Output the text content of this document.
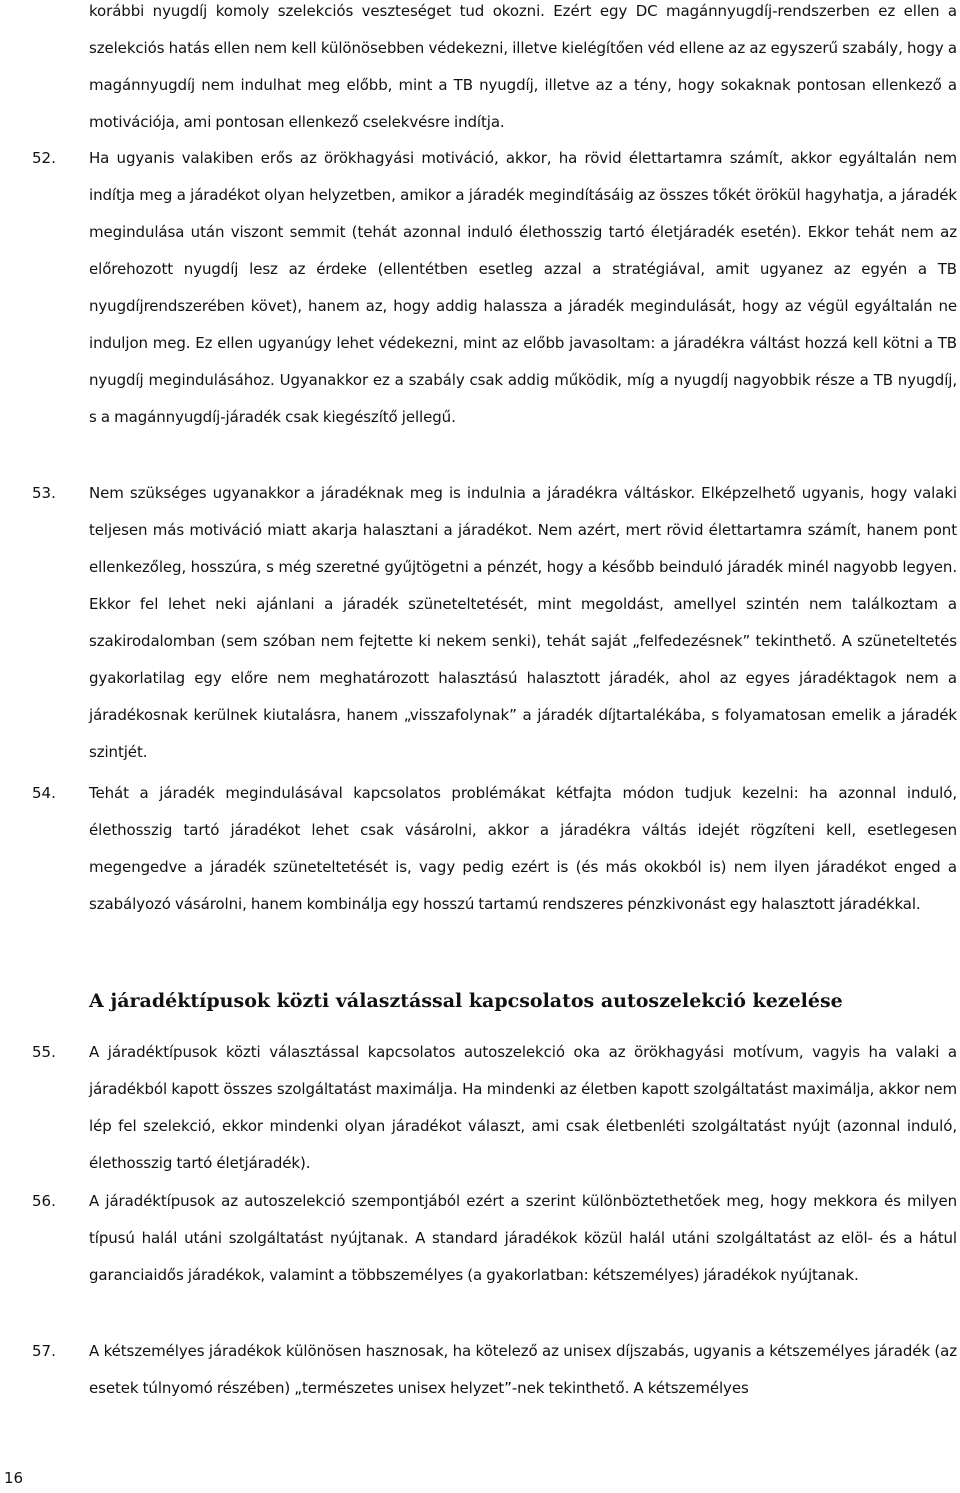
korábbi nyugdíj komoly szelekciós veszteséget tud okozni. Ezért egy DC magánnyugdíj-rendszerben ez ellen a szelekciós hatás ellen nem kell különösebben védekezni, illetve kielégítően véd ellene az az egyszerű szabály, hogy a magánnyugdíj nem indulhat meg előbb, mint a TB nyugdíj, illetve az a tény, hogy sokaknak pontosan ellenkező a motivációja, ami pontosan ellenkező cselekvésre indítja.
52. Ha ugyanis valakiben erős az örökhagyási motiváció, akkor, ha rövid élettartamra számít, akkor egyáltalán nem indítja meg a járadékot olyan helyzetben, amikor a járadék megindításáig az összes tőkét örökül hagyhatja, a járadék megindulása után viszont semmit (tehát azonnal induló élethosszig tartó életjáradék esetén). Ekkor tehát nem az előrehozott nyugdíj lesz az érdeke (ellentétben esetleg azzal a stratégiával, amit ugyanez az egyén a TB nyugdíjrendszerében követ), hanem az, hogy addig halassza a járadék megindulását, hogy az végül egyáltalán ne induljon meg. Ez ellen ugyanúgy lehet védekezni, mint az előbb javasoltam: a járadékra váltást hozzá kell kötni a TB nyugdíj megindulásához. Ugyanakkor ez a szabály csak addig működik, míg a nyugdíj nagyobbik része a TB nyugdíj, s a magánnyugdíj-járadék csak kiegészítő jellegű.
53. Nem szükséges ugyanakkor a járadéknak meg is indulnia a járadékra váltáskor. Elképzelhető ugyanis, hogy valaki teljesen más motiváció miatt akarja halasztani a járadékot. Nem azért, mert rövid élettartamra számít, hanem pont ellenkezőleg, hosszúra, s még szeretné gyűjtögetni a pénzét, hogy a később beinduló járadék minél nagyobb legyen. Ekkor fel lehet neki ajánlani a járadék szüneteltetését, mint megoldást, amellyel szintén nem találkoztam a szakirodalomban (sem szóban nem fejtette ki nekem senki), tehát saját „felfedezésnek” tekinthető. A szüneteltetés gyakorlatilag egy előre nem meghatározott halasztású halasztott járadék, ahol az egyes járadéktagok nem a járadékosnak kerülnek kiutalásra, hanem „visszafolynak” a járadék díjtartalékába, s folyamatosan emelik a járadék szintjét.
54. Tehát a járadék megindulásával kapcsolatos problémákat kétfajta módon tudjuk kezelni: ha azonnal induló, élethosszig tartó járadékot lehet csak vásárolni, akkor a járadékra váltás idejét rögzíteni kell, esetlegesen megengedve a járadék szüneteltetését is, vagy pedig ezért is (és más okokból is) nem ilyen járadékot enged a szabályozó vásárolni, hanem kombinálja egy hosszú tartamú rendszeres pénzkivonást egy halasztott járadékkal.
A járadéktípusok közti választással kapcsolatos autoszelekció kezelése
55. A járadéktípusok közti választással kapcsolatos autoszelekció oka az örökhagyási motívum, vagyis ha valaki a járadékból kapott összes szolgáltatást maximálja. Ha mindenki az életben kapott szolgáltatást maximálja, akkor nem lép fel szelekció, ekkor mindenki olyan járadékot választ, ami csak életbenléti szolgáltatást nyújt (azonnal induló, élethosszig tartó életjáradék).
56. A járadéktípusok az autoszelekció szempontjából ezért a szerint különböztethetőek meg, hogy mekkora és milyen típusú halál utáni szolgáltatást nyújtanak. A standard járadékok közül halál utáni szolgáltatást az elöl- és a hátul garanciaidős járadékok, valamint a többszemélyes (a gyakorlatban: kétszemélyes) járadékok nyújtanak.
57. A kétszemélyes járadékok különösen hasznosak, ha kötelező az unisex díjszabás, ugyanis a kétszemélyes járadék (az esetek túlnyomó részében) „természetes unisex helyzet”-nek tekinthető. A kétszemélyes
16
